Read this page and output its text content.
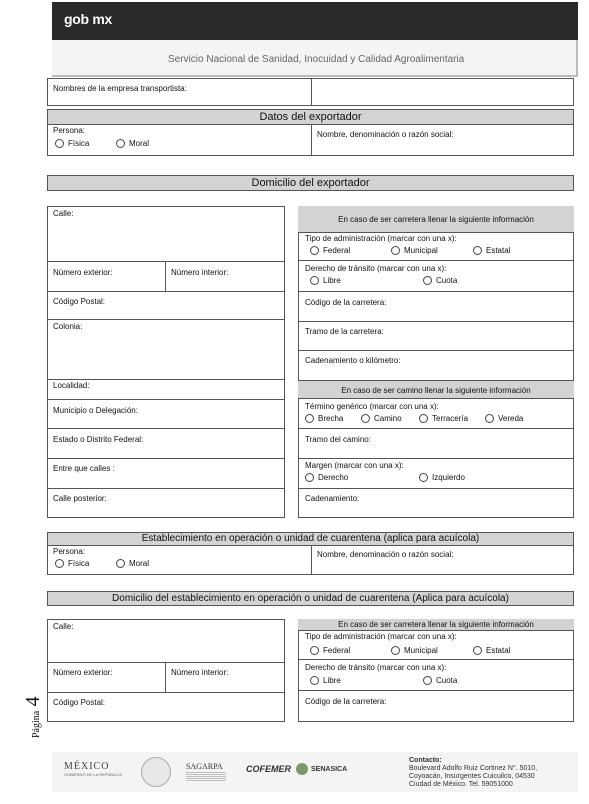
gob mx
Servicio Nacional de Sanidad, Inocuidad y Calidad Agroalimentaria
Nombres de la empresa transportista:
Datos del exportador
Persona:
Física	Moral
Nombre, denominación o razón social:
Domicilio del exportador
Calle:
Número exterior:	Número interior:
Código Postal:
Colonia:
Localidad:
Municipio o Delegación:
Estado o Distrito Federal:
Entre que calles :
Calle posterior:
En caso de ser carretera llenar la siguiente información
En caso de ser camino llenar la siguiente información
Tipo de administración (marcar con una x):
Federal	Municipal	Estatal
Derecho de tránsito (marcar con una x):
Libre	Cuota
Código de la carretera:
Tramo de la carretera:
Cadenamiento o kilómetro:
Término genérico (marcar con una x):
Brecha	Camino	Terracería	Vereda
Tramo del camino:
Margen (marcar con una x):
Derecho	Izquierdo
Cadenamiento:
Establecimiento en operación o unidad de cuarentena (aplica para acuícola)
Persona:
Física	Moral
Nombre, denominación o razón social:
Domicilio del establecimiento en operación o unidad de cuarentena (Aplica para acuícola)
Calle:
Número exterior:	Número interior:
Código Postal:
En caso de ser carretera llenar la siguiente información
Tipo de administración (marcar con una x):
Federal	Municipal	Estatal
Derecho de tránsito (marcar con una x):
Libre	Cuota
Código de la carretera:
Página 4
MÉXICO
GOBIERNO DE LA REPÚBLICA
SAGARPA	COFEMER	SENASICA
Contacto:
Boulevard Adolfo Ruiz Cortinez N°. 5010,
Coyoacán, Insurgentes Cuicuilco, 04530
Ciudad de México. Tel. 59051000
